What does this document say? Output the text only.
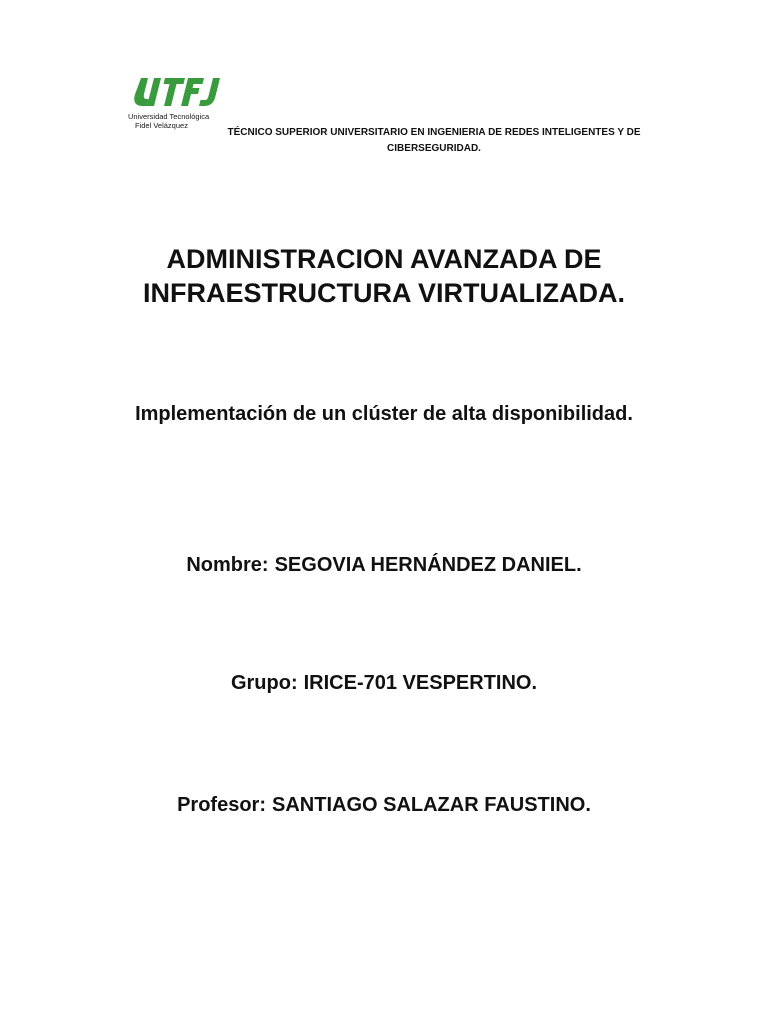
Universidad Tecnológica
Fidel Velázquez
TÉCNICO SUPERIOR UNIVERSITARIO EN INGENIERIA DE REDES INTELIGENTES Y DE CIBERSEGURIDAD.
ADMINISTRACION AVANZADA DE INFRAESTRUCTURA VIRTUALIZADA.
Implementación de un clúster de alta disponibilidad.
Nombre: SEGOVIA HERNÁNDEZ DANIEL.
Grupo: IRICE-701 VESPERTINO.
Profesor: SANTIAGO SALAZAR FAUSTINO.
